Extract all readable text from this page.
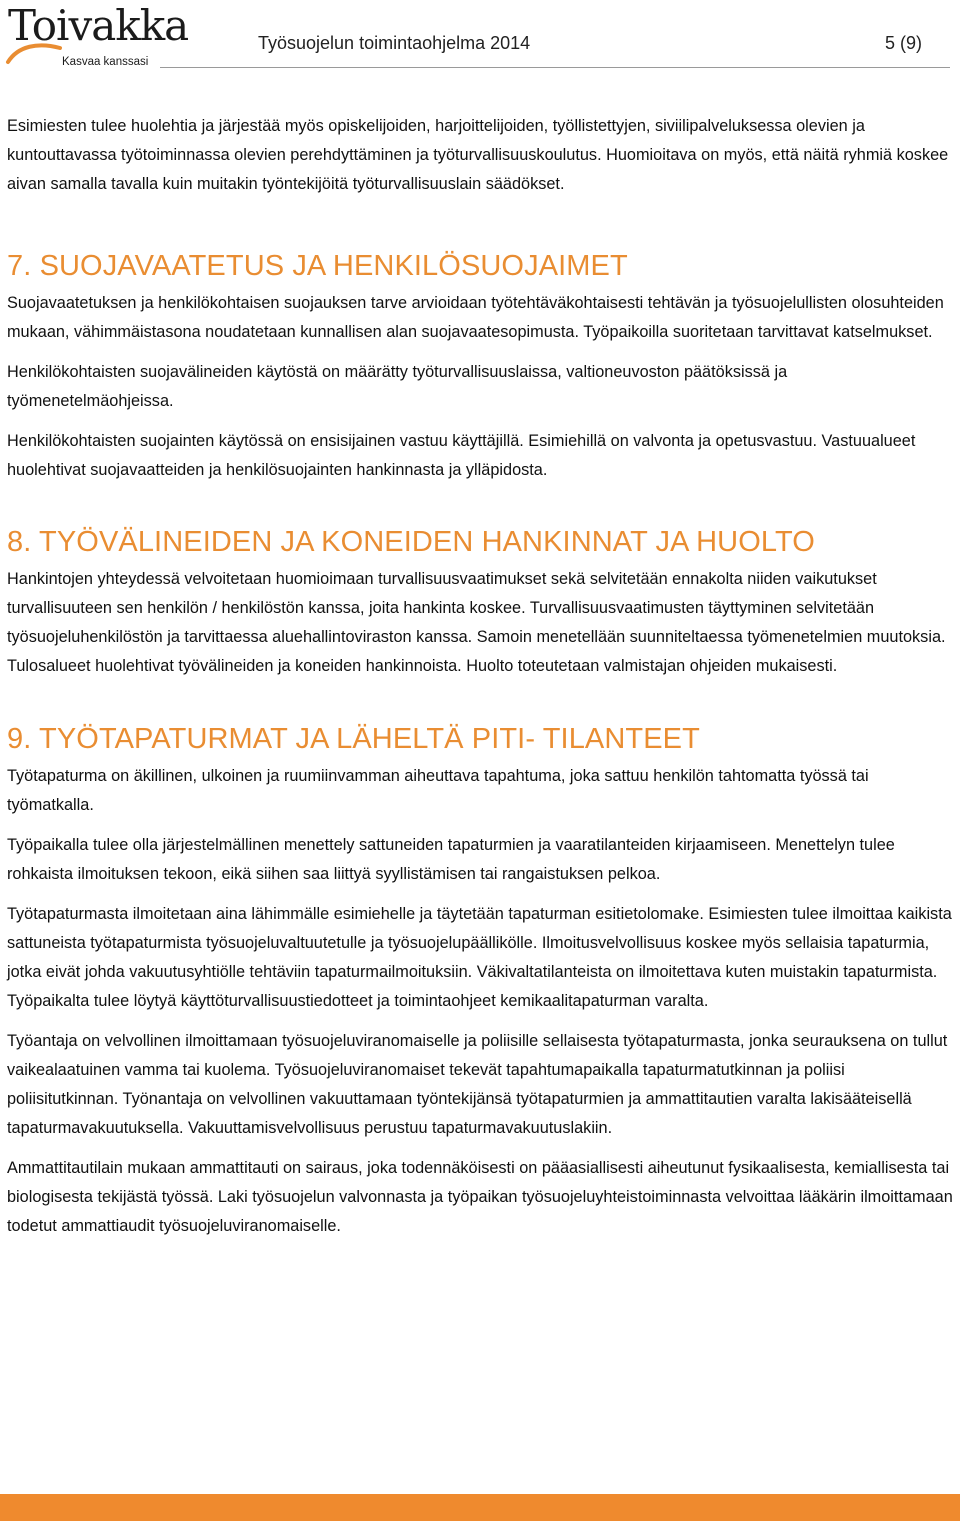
Toivakka
Kasvaa kanssasi
Työsuojelun toimintaohjelma 2014	5 (9)

Esimiesten tulee huolehtia ja järjestää myös opiskelijoiden, harjoittelijoiden, työllistettyjen, siviilipalveluksessa olevien ja kuntouttavassa työtoiminnassa olevien perehdyttäminen ja työturvallisuuskoulutus. Huomioitava on myös, että näitä ryhmiä koskee aivan samalla tavalla kuin muitakin työntekijöitä työturvallisuuslain säädökset.

7. SUOJAVAATETUS JA HENKILÖSUOJAIMET

Suojavaatetuksen ja henkilökohtaisen suojauksen tarve arvioidaan työtehtäväkohtaisesti tehtävän ja työsuojelullisten olosuhteiden mukaan, vähimmäistasona noudatetaan kunnallisen alan suojavaatesopimusta. Työpaikoilla suoritetaan tarvittavat katselmukset.

Henkilökohtaisten suojavälineiden käytöstä on määrätty työturvallisuuslaissa, valtioneuvoston päätöksissä ja työmenetelmäohjeissa.

Henkilökohtaisten suojainten käytössä on ensisijainen vastuu käyttäjillä. Esimiehillä on valvonta ja opetusvastuu. Vastuualueet huolehtivat suojavaatteiden ja henkilösuojainten hankinnasta ja ylläpidosta.

8. TYÖVÄLINEIDEN JA KONEIDEN HANKINNAT JA HUOLTO

Hankintojen yhteydessä velvoitetaan huomioimaan turvallisuusvaatimukset sekä selvitetään ennakolta niiden vaikutukset turvallisuuteen sen henkilön / henkilöstön kanssa, joita hankinta koskee. Turvallisuusvaatimusten täyttyminen selvitetään työsuojeluhenkilöstön ja tarvittaessa aluehallintoviraston kanssa. Samoin menetellään suunniteltaessa työmenetelmien muutoksia. Tulosalueet huolehtivat työvälineiden ja koneiden hankinnoista. Huolto toteutetaan valmistajan ohjeiden mukaisesti.

9. TYÖTAPATURMAT JA LÄHELTÄ PITI- TILANTEET

Työtapaturma on äkillinen, ulkoinen ja ruumiinvamman aiheuttava tapahtuma, joka sattuu henkilön tahtomatta työssä tai työmatkalla.

Työpaikalla tulee olla järjestelmällinen menettely sattuneiden tapaturmien ja vaaratilanteiden kirjaamiseen. Menettelyn tulee rohkaista ilmoituksen tekoon, eikä siihen saa liittyä syyllistämisen tai rangaistuksen pelkoa.

Työtapaturmasta ilmoitetaan aina lähimmälle esimiehelle ja täytetään tapaturman esitietolomake. Esimiesten tulee ilmoittaa kaikista sattuneista työtapaturmista työsuojeluvaltuutetulle ja työsuojelupäällikölle. Ilmoitusvelvollisuus koskee myös sellaisia tapaturmia, jotka eivät johda vakuutusyhtiölle tehtäviin tapaturmailmoituksiin. Väkivaltatilanteista on ilmoitettava kuten muistakin tapaturmista. Työpaikalta tulee löytyä käyttöturvallisuustiedotteet ja toimintaohjeet kemikaalitapaturman varalta.

Työantaja on velvollinen ilmoittamaan työsuojeluviranomaiselle ja poliisille sellaisesta työtapaturmasta, jonka seurauksena on tullut vaikealaatuinen vamma tai kuolema. Työsuojeluviranomaiset tekevät tapahtumapaikalla tapaturmatutkinnan ja poliisi poliisitutkinnan. Työnantaja on velvollinen vakuuttamaan työntekijänsä työtapaturmien ja ammattitautien varalta lakisääteisellä tapaturmavakuutuksella. Vakuuttamisvelvollisuus perustuu tapaturmavakuutuslakiin.

Ammattitautilain mukaan ammattitauti on sairaus, joka todennäköisesti on pääasiallisesti aiheutunut fysikaalisesta, kemiallisesta tai biologisesta tekijästä työssä. Laki työsuojelun valvonnasta ja työpaikan työsuojeluyhteistoiminnasta velvoittaa lääkärin ilmoittamaan todetut ammattiaudit työsuojeluviranomaiselle.
